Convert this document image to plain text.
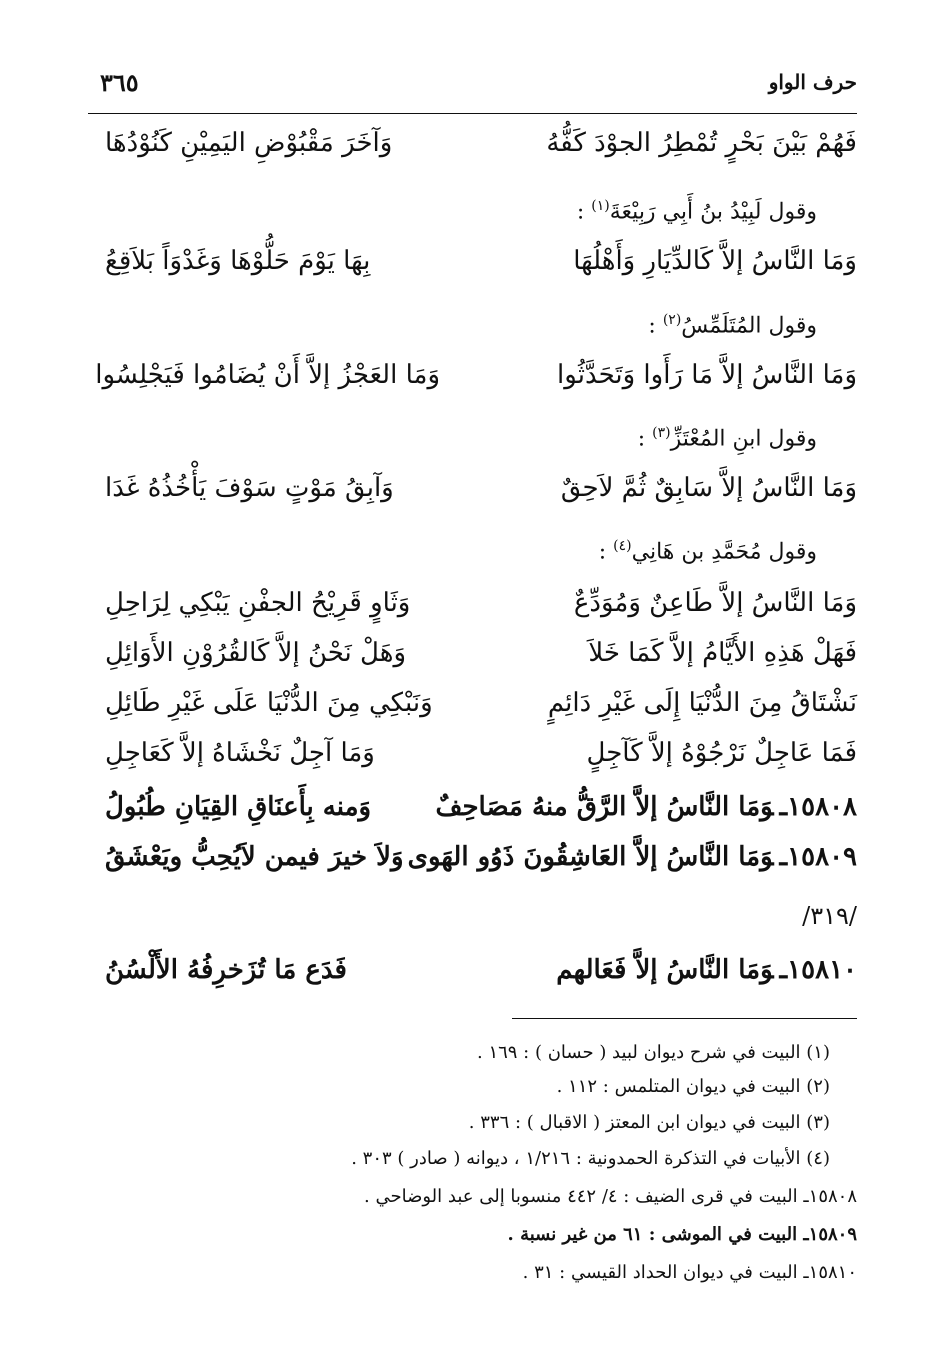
حرف الواو
٣٦٥
فَهُمْ بَيْنَ بَحْرٍ تُمْطِرُ الجوْدَ كَفُّهُ
وَآخَرَ مَقْبُوْضِ اليَمِيْنِ كَنُوْدُهَا
وقول لَبِيْدُ بنُ أَبِي رَبِيْعَةَ$^{(١)}$ :
وَمَا النَّاسُ إلاَّ كَالدِّيَارِ وَأَهْلُهَا
بِهَا يَوْمَ حَلُّوْهَا وَغَدْوَاً بَلاَقِعُ
وقول المُتَلَمِّسُ$^{(٢)}$ :
وَمَا النَّاسُ إلاَّ مَا رَأَوا وَتَحَدَّثُوا
وَمَا العَجْزُ إلاَّ أَنْ يُضَامُوا فَيَجْلِسُوا
وقول ابنِ المُعْتَزِّ$^{(٣)}$ :
وَمَا النَّاسُ إلاَّ سَابِقٌ ثُمَّ لاَحِقٌ
وَآبِقُ مَوْتٍ سَوْفَ يَأْخُذُهُ غَدَا
وقول مُحَمَّدِ بن هَانِي$^{(٤)}$ :
وَمَا النَّاسُ إلاَّ طَاعِنٌ وَمُوَدِّعٌ
وَثَاوٍ قَرِيْحُ الجفْنِ يَبْكِي لِرَاحِلِ
فَهَلْ هَذِهِ الأَيَّامُ إلاَّ كَمَا خَلاَ
وَهَلْ نَحْنُ إلاَّ كَالقُرُوْنِ الأَوَائِلِ
نَشْتَاقُ مِنَ الدُّنْيَا إِلَى غَيْرِ دَائِمٍ
وَنَبْكِي مِنَ الدُّنْيَا عَلَى غَيْرِ طَائِلِ
فَمَا عَاجِلٌ نَرْجُوْهُ إلاَّ كَآجِلٍ
وَمَا آجِلٌ نَخْشَاهُ إلاَّ كَعَاجِلِ
١٥٨٠٨ـوَمَا النَّاسُ إلاَّ الرَّقُّ منهُ مَصَاحِفٌ
وَمنه بِأَعنَاقِ القِيَانِ طُبُولُ
١٥٨٠٩ـوَمَا النَّاسُ إلاَّ العَاشِقُونَ ذَوُو الهَوى
وَلاَ خيرَ فيمن لاَيُحِبُّ ويَعْشَقُ
/٣١٩/
١٥٨١٠ـوَمَا النَّاسُ إلاَّ فَعَالهم
فَدَع مَا تُزَخرِفُهُ الأَلْسُنُ
(١) البيت في شرح ديوان لبيد ( حسان ) : ١٦٩ .
(٢) البيت في ديوان المتلمس : ١١٢ .
(٣) البيت في ديوان ابن المعتز ( الاقبال ) : ٣٣٦ .
(٤) الأبيات في التذكرة الحمدونية : ١/٢١٦ ، ديوانه ( صادر ) ٣٠٣ .
١٥٨٠٨ـ البيت في قرى الضيف : ٤/ ٤٤٢ منسوبا إلى عبد الوضاحي .
١٥٨٠٩ـ البيت في الموشى : ٦١ من غير نسبة .
١٥٨١٠ـ البيت في ديوان الحداد القيسي : ٣١ .
